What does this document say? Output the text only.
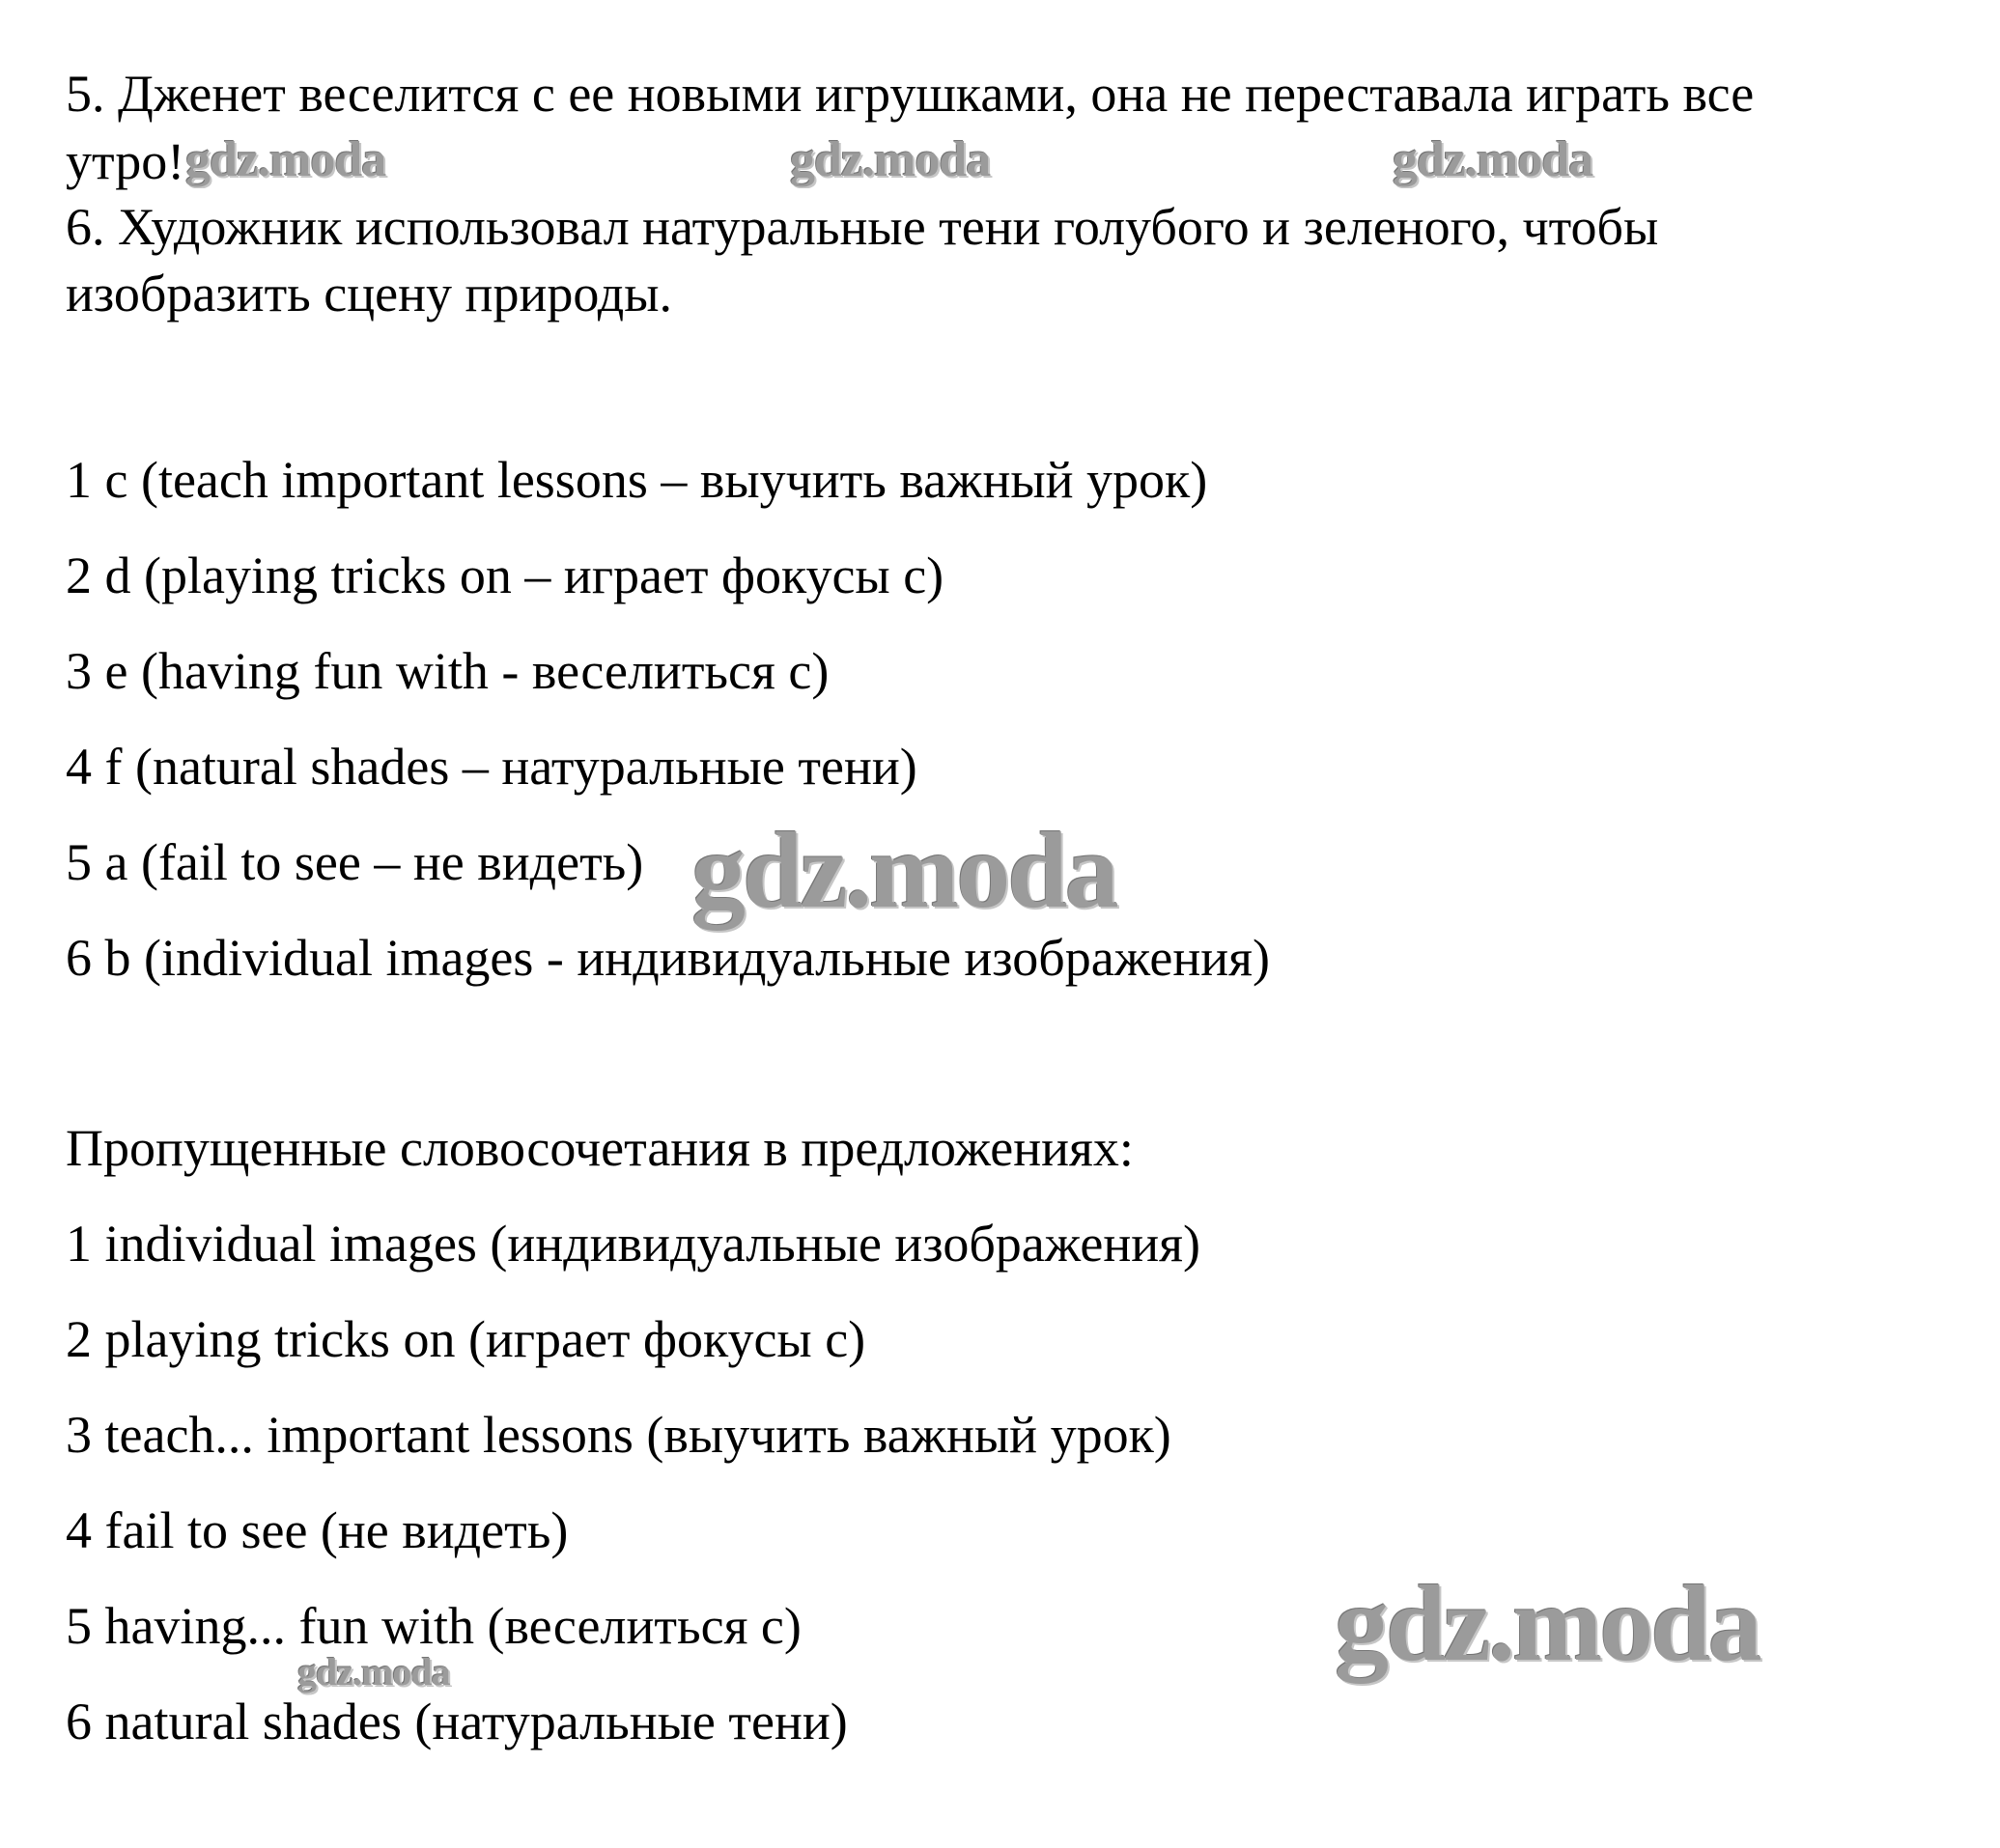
5. Дженет веселится с ее новыми игрушками, она не переставала играть все
утро!
6. Художник использовал натуральные тени голубого и зеленого, чтобы
изобразить сцену природы.
1 c (teach important lessons – выучить важный урок)
2 d (playing tricks on – играет фокусы с)
3 e (having fun with - веселиться с)
4 f (natural shades – натуральные тени)
5 a (fail to see – не видеть)
6 b (individual images - индивидуальные изображения)
Пропущенные словосочетания в предложениях:
1 individual images (индивидуальные изображения)
2 playing tricks on (играет фокусы с)
3 teach... important lessons (выучить важный урок)
4 fail to see (не видеть)
5 having... fun with (веселиться с)
6 natural shades (натуральные тени)
gdz.moda	gdz.moda	gdz.moda
gdz.moda
gdz.moda
gdz.moda
